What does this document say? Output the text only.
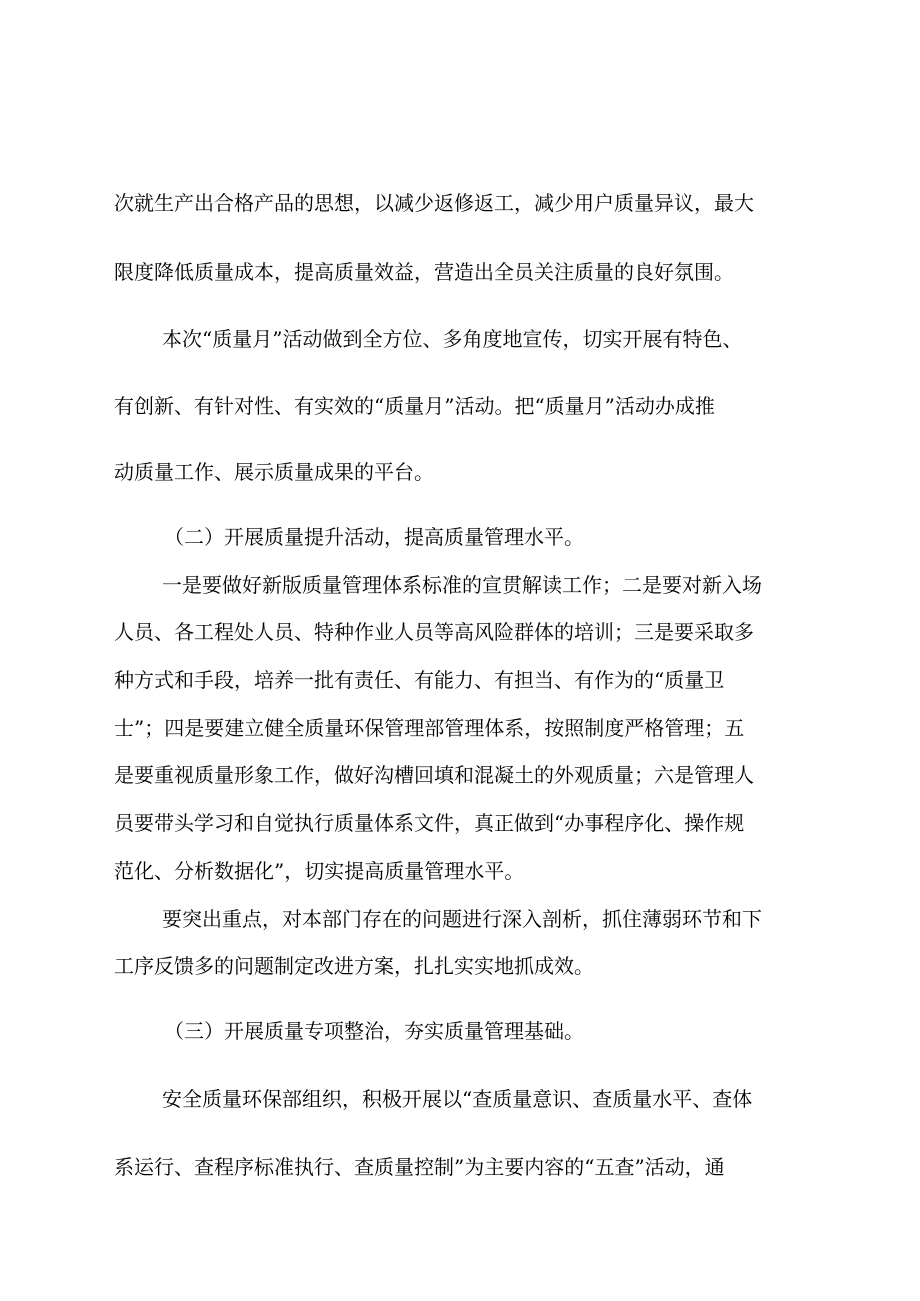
次就生产出合格产品的思想，以减少返修返工，减少用户质量异议，最大
限度降低质量成本，提高质量效益，营造出全员关注质量的良好氛围。
本次“质量月”活动做到全方位、多角度地宣传，切实开展有特色、
有创新、有针对性、有实效的“质量月”活动。把“质量月”活动办成推
动质量工作、展示质量成果的平台。
（二）开展质量提升活动，提高质量管理水平。
一是要做好新版质量管理体系标准的宣贯解读工作；二是要对新入场
人员、各工程处人员、特种作业人员等高风险群体的培训；三是要采取多
种方式和手段，培养一批有责任、有能力、有担当、有作为的“质量卫
士”；四是要建立健全质量环保管理部管理体系，按照制度严格管理；五
是要重视质量形象工作，做好沟槽回填和混凝土的外观质量；六是管理人
员要带头学习和自觉执行质量体系文件，真正做到“办事程序化、操作规
范化、分析数据化”，切实提高质量管理水平。
要突出重点，对本部门存在的问题进行深入剖析，抓住薄弱环节和下
工序反馈多的问题制定改进方案，扎扎实实地抓成效。
（三）开展质量专项整治，夯实质量管理基础。
安全质量环保部组织，积极开展以“查质量意识、查质量水平、查体
系运行、查程序标准执行、查质量控制”为主要内容的“五查”活动，通
